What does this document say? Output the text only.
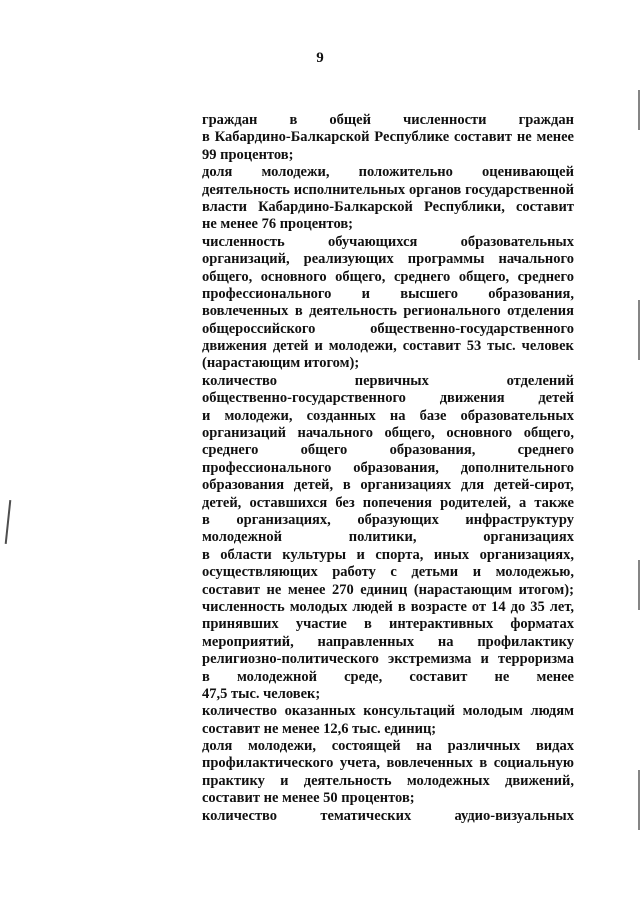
9
граждан в общей численности граждан
в Кабардино-Балкарской Республике составит не менее
99 процентов;
доля молодежи, положительно оценивающей
деятельность исполнительных органов государственной
власти Кабардино-Балкарской Республики, составит
не менее 76 процентов;
численность	обучающихся	образовательных
организаций, реализующих программы начального
общего, основного общего, среднего общего, среднего
профессионального и высшего образования,
вовлеченных в деятельность регионального отделения
общероссийского	общественно-государственного
движения детей и молодежи, составит 53 тыс. человек
(нарастающим итогом);
количество	первичных	отделений
общественно-государственного движения детей
и молодежи, созданных на базе образовательных
организаций начального общего, основного общего,
среднего	общего	образования,	среднего
профессионального образования, дополнительного
образования детей, в организациях для детей-сирот,
детей, оставшихся без попечения родителей, а также
в организациях, образующих инфраструктуру
молодежной	политики,	организациях
в области культуры и спорта, иных организациях,
осуществляющих работу с детьми и молодежью,
составит не менее 270 единиц (нарастающим итогом);
численность молодых людей в возрасте от 14 до 35 лет,
принявших участие в интерактивных форматах
мероприятий, направленных на профилактику
религиозно-политического экстремизма и терроризма
в молодежной среде, составит не менее
47,5 тыс. человек;
количество оказанных консультаций молодым людям
составит не менее 12,6 тыс. единиц;
доля молодежи, состоящей на различных видах
профилактического учета, вовлеченных в социальную
практику и деятельность молодежных движений,
составит не менее 50 процентов;
количество	тематических	аудио-визуальных
